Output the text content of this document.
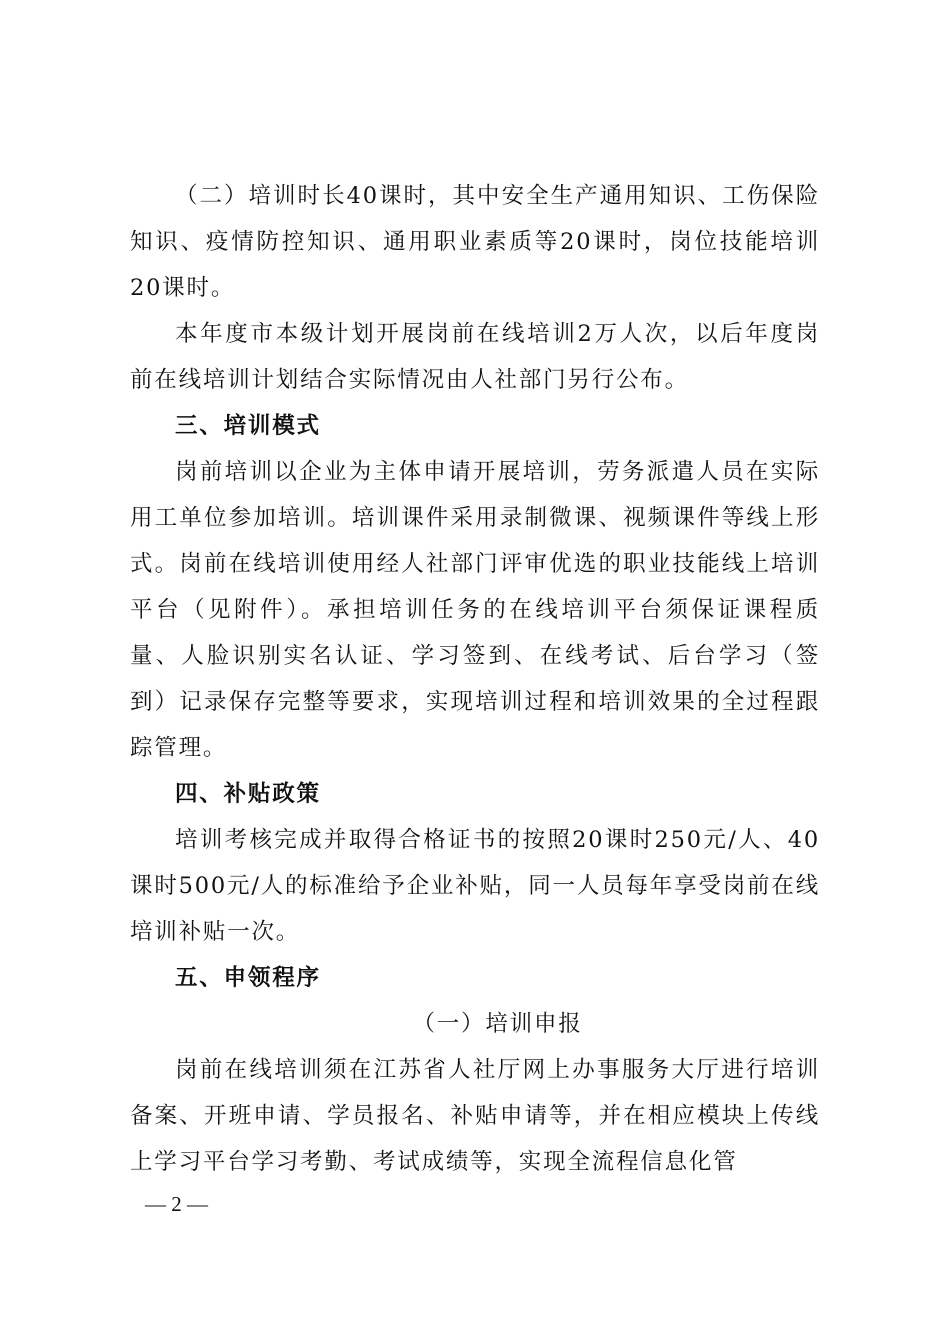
（二）培训时长40课时，其中安全生产通用知识、工伤保险知识、疫情防控知识、通用职业素质等20课时，岗位技能培训20课时。

本年度市本级计划开展岗前在线培训2万人次，以后年度岗前在线培训计划结合实际情况由人社部门另行公布。

三、培训模式

岗前培训以企业为主体申请开展培训，劳务派遣人员在实际用工单位参加培训。培训课件采用录制微课、视频课件等线上形式。岗前在线培训使用经人社部门评审优选的职业技能线上培训平台（见附件）。承担培训任务的在线培训平台须保证课程质量、人脸识别实名认证、学习签到、在线考试、后台学习（签到）记录保存完整等要求，实现培训过程和培训效果的全过程跟踪管理。

四、补贴政策

培训考核完成并取得合格证书的按照20课时250元/人、40课时500元/人的标准给予企业补贴，同一人员每年享受岗前在线培训补贴一次。

五、申领程序

（一）培训申报

岗前在线培训须在江苏省人社厅网上办事服务大厅进行培训备案、开班申请、学员报名、补贴申请等，并在相应模块上传线上学习平台学习考勤、考试成绩等，实现全流程信息化管

— 2 —
